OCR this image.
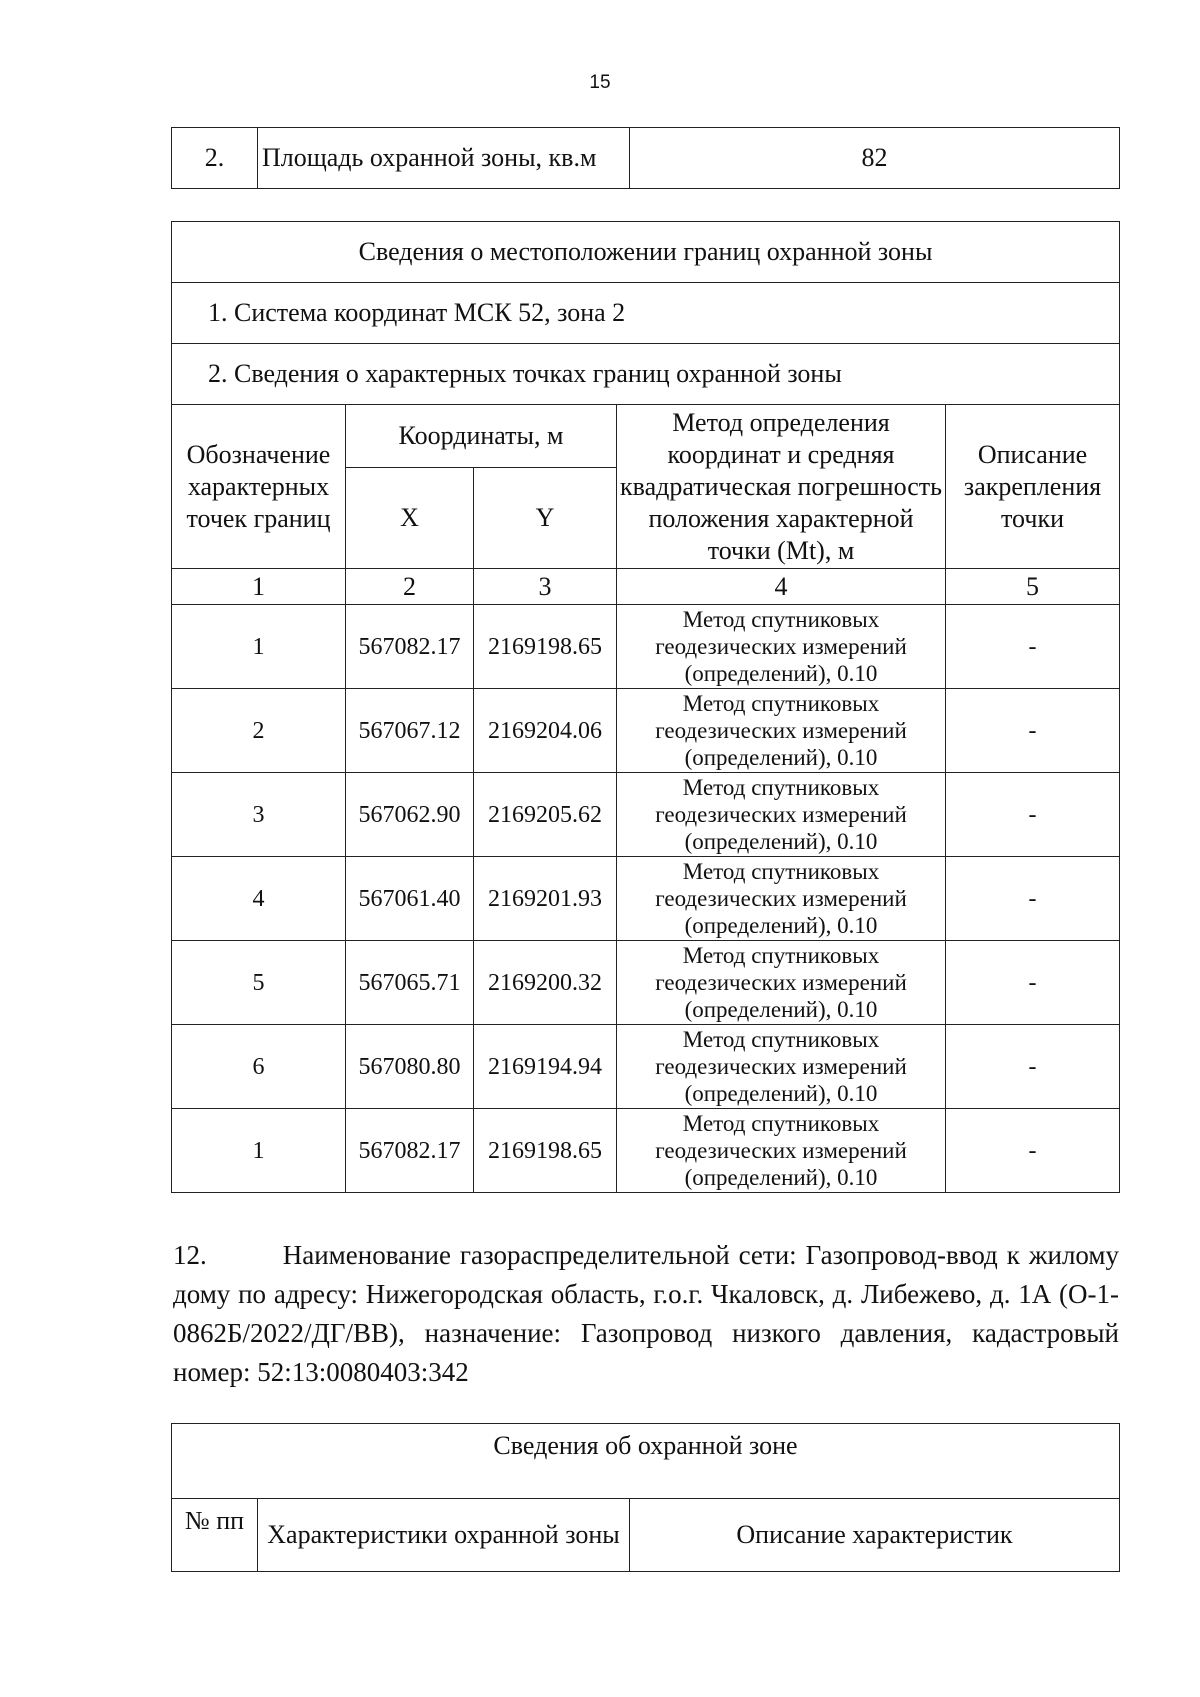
15
2.	Площадь охранной зоны, кв.м	82
Сведения о местоположении границ охранной зоны				
1. Система координат МСК 52, зона 2				
2. Сведения о характерных точках границ охранной зоны				
Обозначение характерных точек границ	Координаты, м		Метод определения координат и средняя квадратическая погрешность положения характерной точки (Mt), м	Описание закрепления точки
	X	Y		
1	2	3	4	5
1	567082.17	2169198.65	Метод спутниковых геодезических измерений (определений), 0.10	-
2	567067.12	2169204.06	Метод спутниковых геодезических измерений (определений), 0.10	-
3	567062.90	2169205.62	Метод спутниковых геодезических измерений (определений), 0.10	-
4	567061.40	2169201.93	Метод спутниковых геодезических измерений (определений), 0.10	-
5	567065.71	2169200.32	Метод спутниковых геодезических измерений (определений), 0.10	-
6	567080.80	2169194.94	Метод спутниковых геодезических измерений (определений), 0.10	-
1	567082.17	2169198.65	Метод спутниковых геодезических измерений (определений), 0.10	-
12.	Наименование газораспределительной сети: Газопровод-ввод к жилому дому по адресу: Нижегородская область, г.о.г. Чкаловск, д. Либежево, д. 1А (О-1-0862Б/2022/ДГ/ВВ), назначение: Газопровод низкого давления, кадастровый номер: 52:13:0080403:342
Сведения об охранной зоне
№ пп	Характеристики охранной зоны	Описание характеристик
